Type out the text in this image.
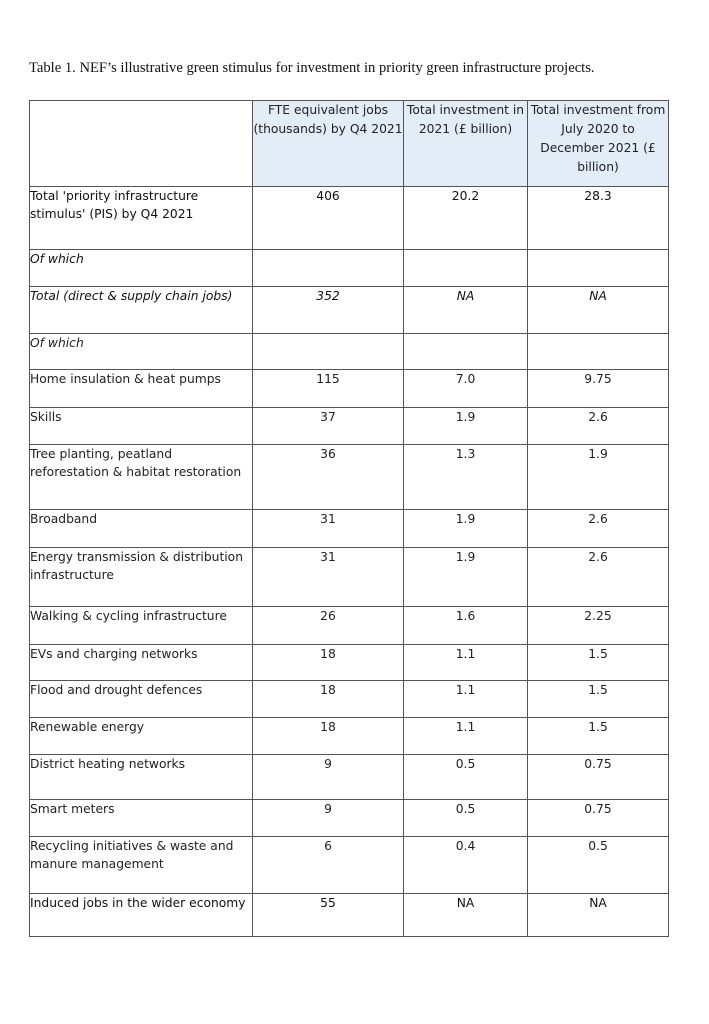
Table 1. NEF’s illustrative green stimulus for investment in priority green infrastructure projects.
	FTE equivalent jobs (thousands) by Q4 2021	Total investment in 2021 (£ billion)	Total investment from July 2020 to December 2021 (£ billion)
Total 'priority infrastructure stimulus' (PIS) by Q4 2021	406	20.2	28.3
Of which			
Total (direct & supply chain jobs)	352	NA	NA
Of which			
Home insulation & heat pumps	115	7.0	9.75
Skills	37	1.9	2.6
Tree planting, peatland reforestation & habitat restoration	36	1.3	1.9
Broadband	31	1.9	2.6
Energy transmission & distribution infrastructure	31	1.9	2.6
Walking & cycling infrastructure	26	1.6	2.25
EVs and charging networks	18	1.1	1.5
Flood and drought defences	18	1.1	1.5
Renewable energy	18	1.1	1.5
District heating networks	9	0.5	0.75
Smart meters	9	0.5	0.75
Recycling initiatives & waste and manure management	6	0.4	0.5
Induced jobs in the wider economy	55	NA	NA
